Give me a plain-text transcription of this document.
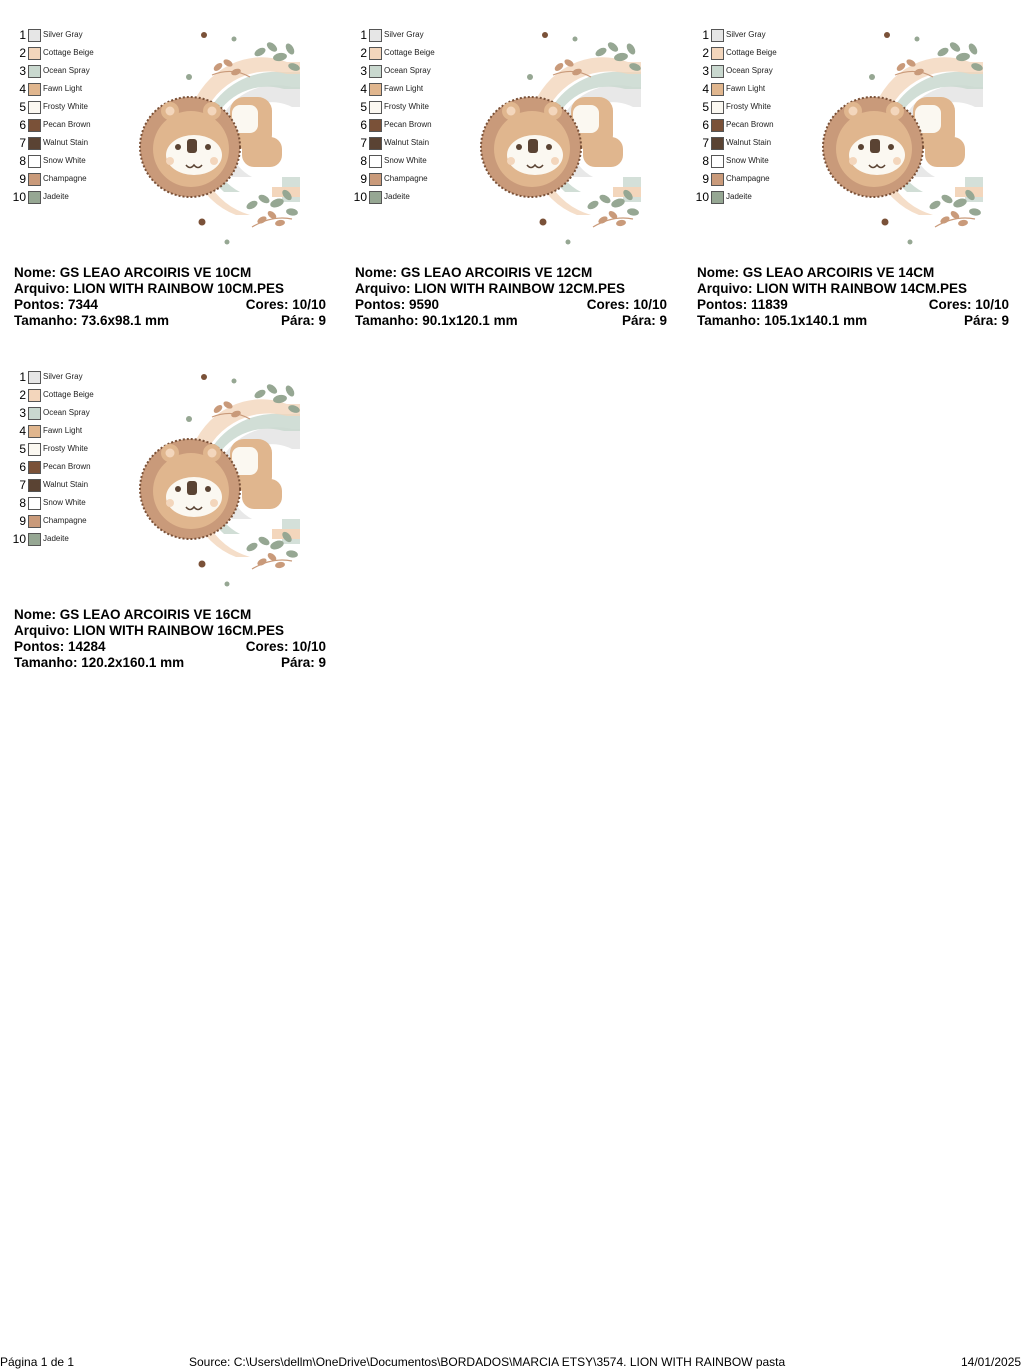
1 Silver Gray
2 Cottage Beige
3 Ocean Spray
4 Fawn Light
5 Frosty White
6 Pecan Brown
7 Walnut Stain
8 Snow White
9 Champagne
10 Jadeite
Nome: GS LEAO ARCOIRIS VE 10CM
Arquivo: LION WITH RAINBOW 10CM.PES
Pontos: 7344	Cores: 10/10
Tamanho: 73.6x98.1 mm	Pára: 9
1 Silver Gray
2 Cottage Beige
3 Ocean Spray
4 Fawn Light
5 Frosty White
6 Pecan Brown
7 Walnut Stain
8 Snow White
9 Champagne
10 Jadeite
Nome: GS LEAO ARCOIRIS VE 12CM
Arquivo: LION WITH RAINBOW 12CM.PES
Pontos: 9590	Cores: 10/10
Tamanho: 90.1x120.1 mm	Pára: 9
1 Silver Gray
2 Cottage Beige
3 Ocean Spray
4 Fawn Light
5 Frosty White
6 Pecan Brown
7 Walnut Stain
8 Snow White
9 Champagne
10 Jadeite
Nome: GS LEAO ARCOIRIS VE 14CM
Arquivo: LION WITH RAINBOW 14CM.PES
Pontos: 11839	Cores: 10/10
Tamanho: 105.1x140.1 mm	Pára: 9
1 Silver Gray
2 Cottage Beige
3 Ocean Spray
4 Fawn Light
5 Frosty White
6 Pecan Brown
7 Walnut Stain
8 Snow White
9 Champagne
10 Jadeite
Nome: GS LEAO ARCOIRIS VE 16CM
Arquivo: LION WITH RAINBOW 16CM.PES
Pontos: 14284	Cores: 10/10
Tamanho: 120.2x160.1 mm	Pára: 9
Página 1 de 1	Source: C:\Users\dellm\OneDrive\Documentos\BORDADOS\MARCIA ETSY\3574. LION WITH RAINBOW pasta	14/01/2025
